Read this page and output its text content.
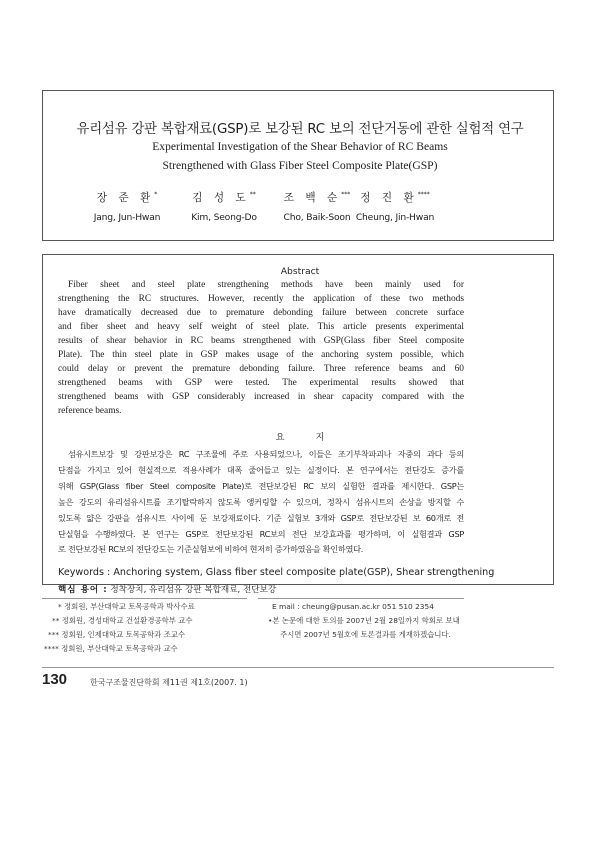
유리섬유 강판 복합재료(GSP)로 보강된 RC 보의 전단거동에 관한 실험적 연구
Experimental Investigation of the Shear Behavior of RC Beams
Strengthened with Glass Fiber Steel Composite Plate(GSP)
장 준 환*
Jang, Jun-Hwan
김 성 도**
Kim, Seong-Do
조 백 순***
Cho, Baik-Soon
정 진 환****
Cheung, Jin-Hwan
Abstract
Fiber sheet and steel plate strengthening methods have been mainly used for
strengthening the RC structures. However, recently the application of these two methods
have dramatically decreased due to premature debonding failure between concrete surface
and fiber sheet and heavy self weight of steel plate. This article presents experimental
results of shear behavior in RC beams strengthened with GSP(Glass fiber Steel composite
Plate). The thin steel plate in GSP makes usage of the anchoring system possible, which
could delay or prevent the premature debonding failure. Three reference beams and 60
strengthened beams with GSP were tested. The experimental results showed that
strengthened beams with GSP considerably increased in shear capacity compared with the
reference beams.
요 지
섬유시트보강 및 강판보강은 RC 구조물에 주로 사용되었으나, 이들은 조기부착파괴나 자중의 과다 등의
단점을 가지고 있어 현실적으로 적용사례가 대폭 줄어들고 있는 실정이다. 본 연구에서는 전단강도 증가를
위해 GSP(Glass fiber Steel composite Plate)로 전단보강된 RC 보의 실험한 결과를 제시한다. GSP는
높은 강도의 유리섬유시트를 조기탈락하지 않도록 앵커링할 수 있으며, 정착시 섬유시트의 손상을 방지할 수
있도록 얇은 강판을 섬유시트 사이에 둔 보강재료이다. 기준 실험보 3개와 GSP로 전단보강된 보 60개로 전
단실험을 수행하였다. 본 연구는 GSP로 전단보강된 RC보의 전단 보강효과를 평가하며, 이 실험결과 GSP
로 전단보강된 RC보의 전단강도는 기준실험보에 비하여 현저히 증가하였음을 확인하였다.
Keywords : Anchoring system, Glass fiber steel composite plate(GSP), Shear strengthening
핵심 용어 : 정착장치, 유리섬유 강판 복합재료, 전단보강
* 정회원, 부산대학교 토목공학과 박사수료
** 정회원, 경성대학교 건설환경공학부 교수
*** 정회원, 인제대학교 토목공학과 조교수
**** 정회원, 부산대학교 토목공학과 교수
E mail : cheung@pusan.ac.kr 051 510 2354
•본 논문에 대한 토의를 2007년 2월 28일까지 학회로 보내
주시면 2007년 5월호에 토론결과를 게재하겠습니다.
130	한국구조물진단학회 제11권 제1호(2007. 1)
